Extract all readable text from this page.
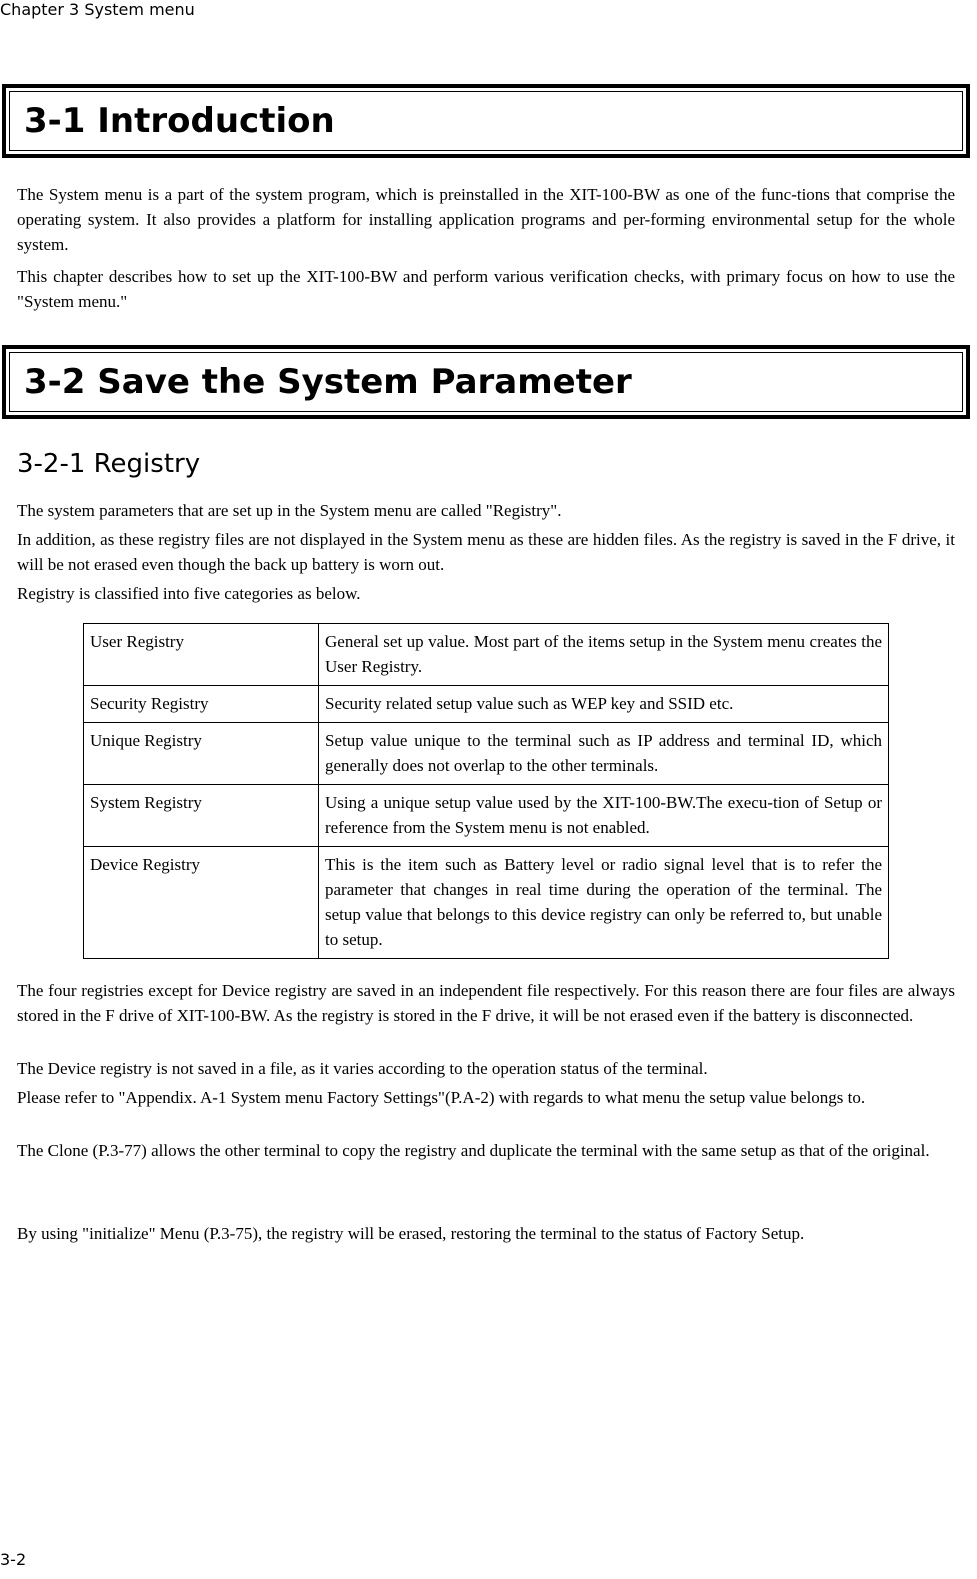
Chapter 3 System menu
3-1 Introduction

The System menu is a part of the system program, which is preinstalled in the XIT-100-BW as one of the func-tions that comprise the operating system. It also provides a platform for installing application programs and per-forming environmental setup for the whole system.

This chapter describes how to set up the XIT-100-BW and perform various verification checks, with primary focus on how to use the "System menu."

3-2 Save the System Parameter
3-2-1 Registry

The system parameters that are set up in the System menu are called "Registry".

In addition, as these registry files are not displayed in the System menu as these are hidden files. As the registry is saved in the F drive, it will be not erased even though the back up battery is worn out.

Registry is classified into five categories as below.

User Registry	General set up value. Most part of the items setup in the System menu creates the User Registry.
Security Registry	Security related setup value such as WEP key and SSID etc.
Unique Registry	Setup value unique to the terminal such as IP address and terminal ID, which generally does not overlap to the other terminals.
System Registry	Using a unique setup value used by the XIT-100-BW.The execu-tion of Setup or reference from the System menu is not enabled.
Device Registry	This is the item such as Battery level or radio signal level that is to refer the parameter that changes in real time during the operation of the terminal. The setup value that belongs to this device registry can only be referred to, but unable to setup.

The four registries except for Device registry are saved in an independent file respectively. For this reason there are four files are always stored in the F drive of XIT-100-BW. As the registry is stored in the F drive, it will be not erased even if the battery is disconnected.

The Device registry is not saved in a file, as it varies according to the operation status of the terminal.

Please refer to "Appendix. A-1 System menu Factory Settings"(P.A-2) with regards to what menu the setup value belongs to.

The Clone (P.3-77) allows the other terminal to copy the registry and duplicate the terminal with the same setup as that of the original.

By using "initialize" Menu (P.3-75), the registry will be erased, restoring the terminal to the status of Factory Setup.

3-2
